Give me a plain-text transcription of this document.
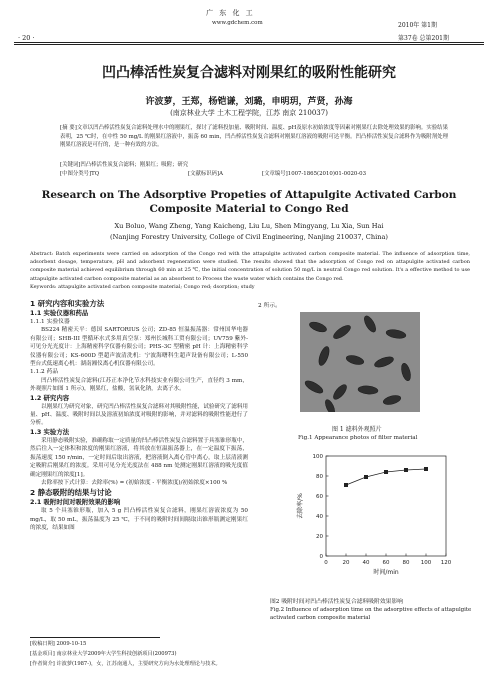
广 东 化 工
www.gdchem.com
· 20 ·
2010年 第1期
第37卷 总第201期
凹凸棒活性炭复合滤料对刚果红的吸附性能研究
许波萝，王郑，杨铠谦，刘璐，申明玥，芦贤，孙海
(南京林业大学 土木工程学院，江苏 南京 210037)
[摘 要]文章以凹凸棒活性炭复合滤料处理水中的刚果红，探讨了滤料投加量、吸附时间、温度、pH及原水初始浓度等因素对刚果红去除处理效果的影响。实验结果表明，25 ℃时，在中性 50 mg/L 的刚果红溶液中，振荡 60 min，凹凸棒活性炭复合滤料对刚果红溶液的吸附可达平衡。凹凸棒活性炭复合滤料作为吸附剂处理刚果红溶液是可行的，是一种有效的方法。
[关键词]凹凸棒活性炭复合滤料；刚果红；吸附；研究
[中图分类号]TQ	[文献标识码]A	[文章编号]1007-1865(2010)01-0020-03
Research on The Adsorptive Propeties of Attapulgite Activated Carbon Composite Material to Congo Red
Xu Boluo, Wang Zheng, Yang Kaicheng, Liu Lu, Shen Mingyang, Lu Xia, Sun Hai
(Nanjing Forestry University, College of Civil Engineering, Nanjing 210037, China)
Abstract: Batch experiments were carried on adsorption of the Congo red with the attapulgite activated carbon composite material. The influence of adsorption time, adsorbent dosage, temperature, pH and adsorbent regeneration were studied. The results showed that the adsorption of Congo red on attapulgite activated carbon composite material achieved equilibrium through 60 min at 25 ℃, the initial concentration of solution 50 mg/L in neutral Congo red solution. It's a effective method to use attapulgite activated carbon composite material as an absorbent to Process the waste water which contains the Congo red.
Keywords: attapulgite activated carbon composite material; Congo red; dsorption; study
1 研究内容和实验方法
1.1 实验仪器和药品
1.1.1 实验仪器

BS224 精密天平：德国 SARTORIUS 公司；ZD-85 恒温振荡器：常州国华电器有限公司；SHB-III 型循环水式多用真空泵：郑州长城科工贸有限公司；UV759 紫外-可见分光光度计：上海精密科学仪器有限公司；PHS-3C 型精密 pH 计：上海精密科学仪器有限公司；KS-600D 型超声波清洗机：宁波海曙科生超声设备有限公司；L-550 型台式低速离心机：湖南湘仪离心机仪器有限公司。

1.1.2 药品

凹凸棒活性炭复合滤料(江苏正本净化节水科技实业有限公司生产，直径约 3 mm，外观照片如图 1 所示)，刚果红，盐酸，氢氧化钠，去离子水。

1.2 研究内容

以刚果红为研究对象，研究凹凸棒活性炭复合滤料对其吸附性能，试验研究了滤料用量、pH、温度、吸附时间以及溶液初始浓度对吸附的影响，并对滤料的吸附性能进行了分析。

1.3 实验方法

采用静态吸附实验，准确称取一定质量的凹凸棒活性炭复合滤料置于具塞锥形瓶中，然后往入一定体积和浓度的刚果红溶液，将其放在恒温振荡器上，在一定温度下振荡，振荡速度 150 r/min，一定时间后取出溶液，把溶液倒入离心管中离心，取上层清液测定吸附后刚果红的浓度。采用可见分光光度法在 488 nm 处测定刚果红溶液的吸光度值确定刚果红的浓度[1]。

去除率按下式计算：去除率(%) = (初始浓度 - 平衡浓度)/初始浓度×100 %

2 静态吸附的结果与讨论
2.1 吸附时间对吸附效果的影响

取 5 个具塞锥形瓶，加入 5 g 凹凸棒活性炭复合滤料，刚果红溶液浓度为 50 mg/L，取 50 mL，振荡温度为 25 ℃，于不同的吸附时间间隔取出锥形瓶测定刚果红的浓度，结果如图

[收稿日期] 2009-10-15
[基金项目] 南京林业大学2009年大学生科技创新项目(200973)
[作者简介] 许波萝(1987-)，女，江苏南通人，主要研究方向为水处理理论与技术。
2 所示。
图 1 滤料外观照片
Fig.1 Appearance photos of filter material
0	20 40 60 80 100 120
0
20
40
60
80
100
时间/min
去除率/%
图2 吸附时间对凹凸棒活性炭复合滤料吸附效果影响
Fig.2 Influence of adsorption time on the adsorptive effects of attapulgite activated carbon composite material
